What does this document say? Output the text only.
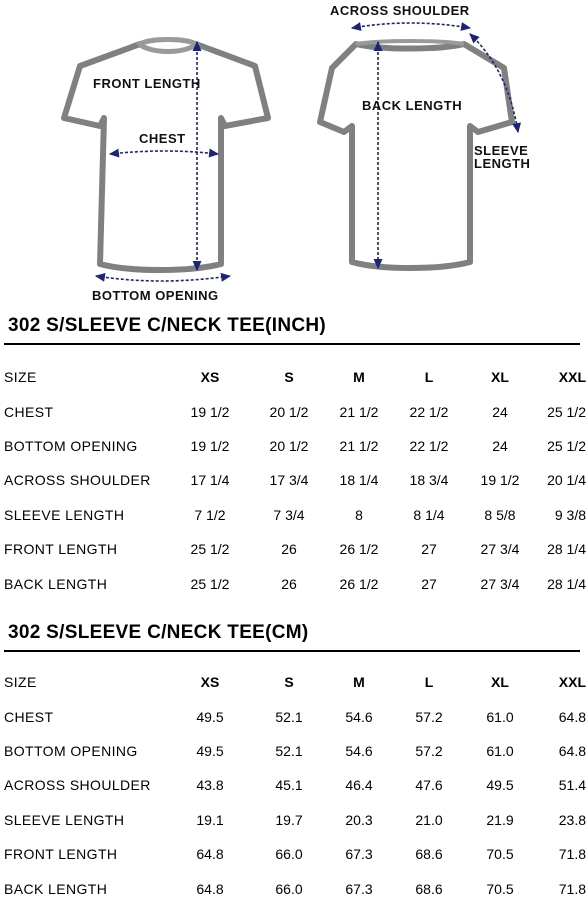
FRONT LENGTH
CHEST
BOTTOM OPENING
ACROSS SHOULDER
BACK LENGTH
SLEEVE
LENGTH
302 S/SLEEVE C/NECK TEE(INCH)
SIZE	XS	S	M	L	XL	XXL
CHEST	19 1/2	20 1/2	21 1/2	22 1/2	24	25 1/2
BOTTOM OPENING	19 1/2	20 1/2	21 1/2	22 1/2	24	25 1/2
ACROSS SHOULDER	17 1/4	17 3/4	18 1/4	18 3/4	19 1/2	20 1/4
SLEEVE LENGTH	7 1/2	7 3/4	8	8 1/4	8 5/8	9 3/8
FRONT LENGTH	25 1/2	26	26 1/2	27	27 3/4	28 1/4
BACK LENGTH	25 1/2	26	26 1/2	27	27 3/4	28 1/4
302 S/SLEEVE C/NECK TEE(CM)
SIZE	XS	S	M	L	XL	XXL
CHEST	49.5	52.1	54.6	57.2	61.0	64.8
BOTTOM OPENING	49.5	52.1	54.6	57.2	61.0	64.8
ACROSS SHOULDER	43.8	45.1	46.4	47.6	49.5	51.4
SLEEVE LENGTH	19.1	19.7	20.3	21.0	21.9	23.8
FRONT LENGTH	64.8	66.0	67.3	68.6	70.5	71.8
BACK LENGTH	64.8	66.0	67.3	68.6	70.5	71.8
